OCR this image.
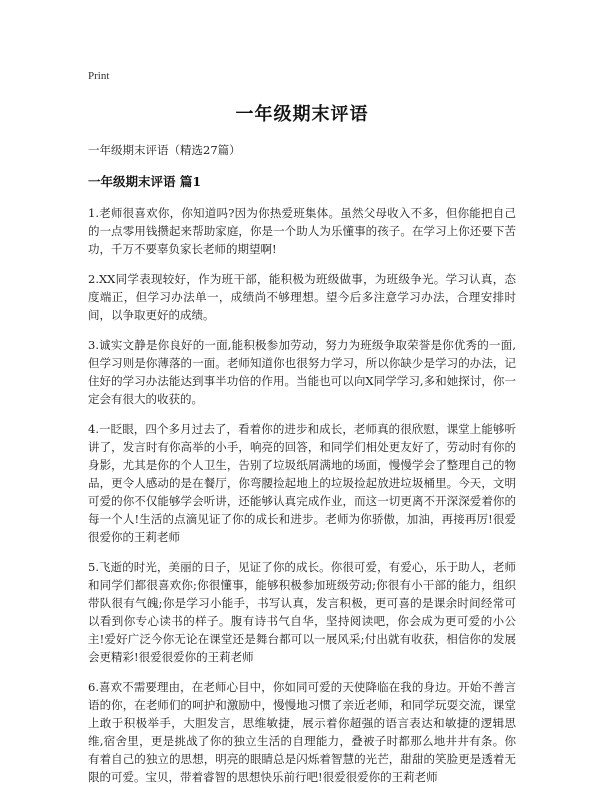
Print
一年级期末评语

一年级期末评语（精选27篇）

一年级期末评语 篇1

1.老师很喜欢你，你知道吗?因为你热爱班集体。虽然父母收入不多，但你能把自己的一点零用钱攒起来帮助家庭，你是一个助人为乐懂事的孩子。在学习上你还要下苦功，千万不要辜负家长老师的期望啊!

2.XX同学表现较好，作为班干部，能积极为班级做事，为班级争光。学习认真，态度端正，但学习办法单一，成绩尚不够理想。望今后多注意学习办法，合理安排时间，以争取更好的成绩。

3.诚实文静是你良好的一面,能积极参加劳动，努力为班级争取荣誉是你优秀的一面,但学习则是你薄落的一面。老师知道你也很努力学习，所以你缺少是学习的办法，记住好的学习办法能达到事半功倍的作用。当能也可以向X同学学习,多和她探讨，你一定会有很大的收获的。

4.一眨眼，四个多月过去了，看着你的进步和成长，老师真的很欣慰，课堂上能够听讲了，发言时有你高举的小手，响亮的回答，和同学们相处更友好了，劳动时有你的身影，尤其是你的个人卫生，告别了垃圾纸屑满地的场面，慢慢学会了整理自己的物品，更令人感动的是在餐厅，你弯腰捡起地上的垃圾捡起放进垃圾桶里。今天，文明可爱的你不仅能够学会听讲，还能够认真完成作业，而这一切更离不开深深爱着你的每一个人!生活的点滴见证了你的成长和进步。老师为你骄傲，加油，再接再厉!很爱很爱你的王莉老师

5.飞逝的时光，美丽的日子，见证了你的成长。你很可爱，有爱心，乐于助人，老师和同学们都很喜欢你;你很懂事，能够积极参加班级劳动;你很有小干部的能力，组织带队很有气魄;你是学习小能手，书写认真，发言积极，更可喜的是课余时间经常可以看到你专心读书的样子。腹有诗书气自华，坚持阅读吧，你会成为更可爱的小公主!爱好广泛今你无论在课堂还是舞台都可以一展风采;付出就有收获，相信你的发展会更精彩!很爱很爱你的王莉老师

6.喜欢不需要理由，在老师心目中，你如同可爱的天使降临在我的身边。开始不善言语的你，在老师们的呵护和激励中，慢慢地习惯了亲近老师，和同学玩耍交流，课堂上敢于积极举手，大胆发言，思维敏捷，展示着你超强的语言表达和敏捷的逻辑思维,宿舍里，更是挑战了你的独立生活的自理能力，叠被子时都那么地井井有条。你有着自己的独立的思想，明亮的眼睛总是闪烁着智慧的光芒，甜甜的笑脸更是透着无限的可爱。宝贝，带着睿智的思想快乐前行吧!很爱很爱你的王莉老师
